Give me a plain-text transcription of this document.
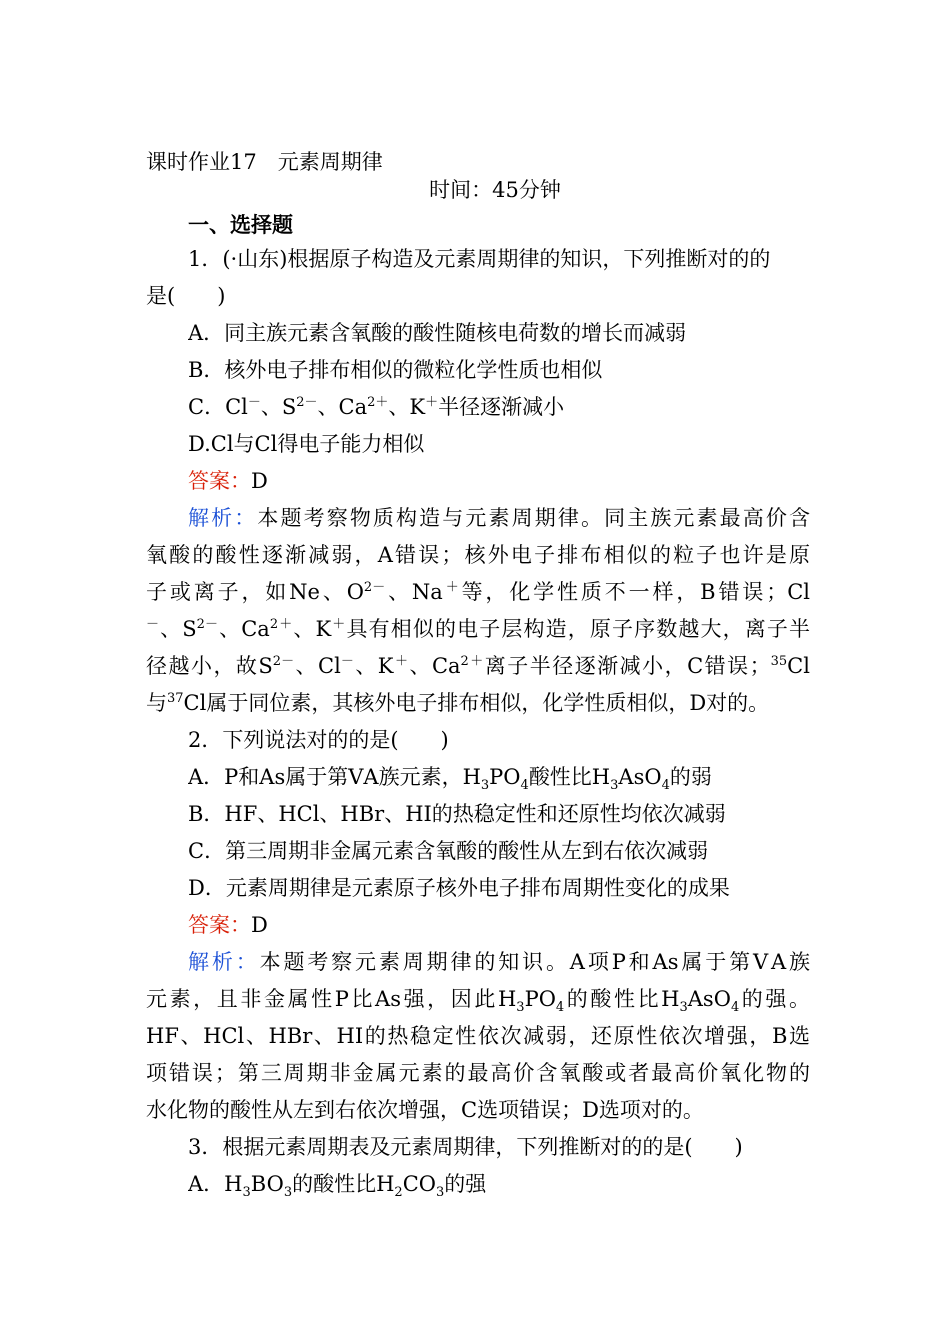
课时作业17　元素周期律
时间：45分钟
一、选择题
1．(·山东)根据原子构造及元素周期律的知识，下列推断对的的
是(　　)
A．同主族元素含氧酸的酸性随核电荷数的增长而减弱
B．核外电子排布相似的微粒化学性质也相似
C．Cl－、$S^{2-}$、$Ca^{2+}$、K＋半径逐渐减小
D.Cl与Cl得电子能力相似
答案：D
解析：本题考察物质构造与元素周期律。同主族元素最高价含
氧酸的酸性逐渐减弱，A错误；核外电子排布相似的粒子也许是原
子或离子，如Ne、$O^{2-}$、Na＋等，化学性质不一样，B错误；Cl
－、$S^{2-}$、$Ca^{2+}$、K＋具有相似的电子层构造，原子序数越大，离子半
径越小，故$S^{2-}$、Cl－、K＋、$Ca^{2+}$离子半径逐渐减小，C错误；$^{35}$Cl
与$^{37}$Cl属于同位素，其核外电子排布相似，化学性质相似，D对的。
2．下列说法对的的是(　　)
A．P和As属于第ⅤA族元素，$H_3PO_4$酸性比$H_3AsO_4$的弱
B．HF、HCl、HBr、HI的热稳定性和还原性均依次减弱
C．第三周期非金属元素含氧酸的酸性从左到右依次减弱
D．元素周期律是元素原子核外电子排布周期性变化的成果
答案：D
解析：本题考察元素周期律的知识。A项P和As属于第ⅤA族
元素，且非金属性P比As强，因此$H_3PO_4$的酸性比$H_3AsO_4$的强。
HF、HCl、HBr、HI的热稳定性依次减弱，还原性依次增强，B选
项错误；第三周期非金属元素的最高价含氧酸或者最高价氧化物的
水化物的酸性从左到右依次增强，C选项错误；D选项对的。
3．根据元素周期表及元素周期律，下列推断对的的是(　　)
A．$H_3BO_3$的酸性比$H_2CO_3$的强
